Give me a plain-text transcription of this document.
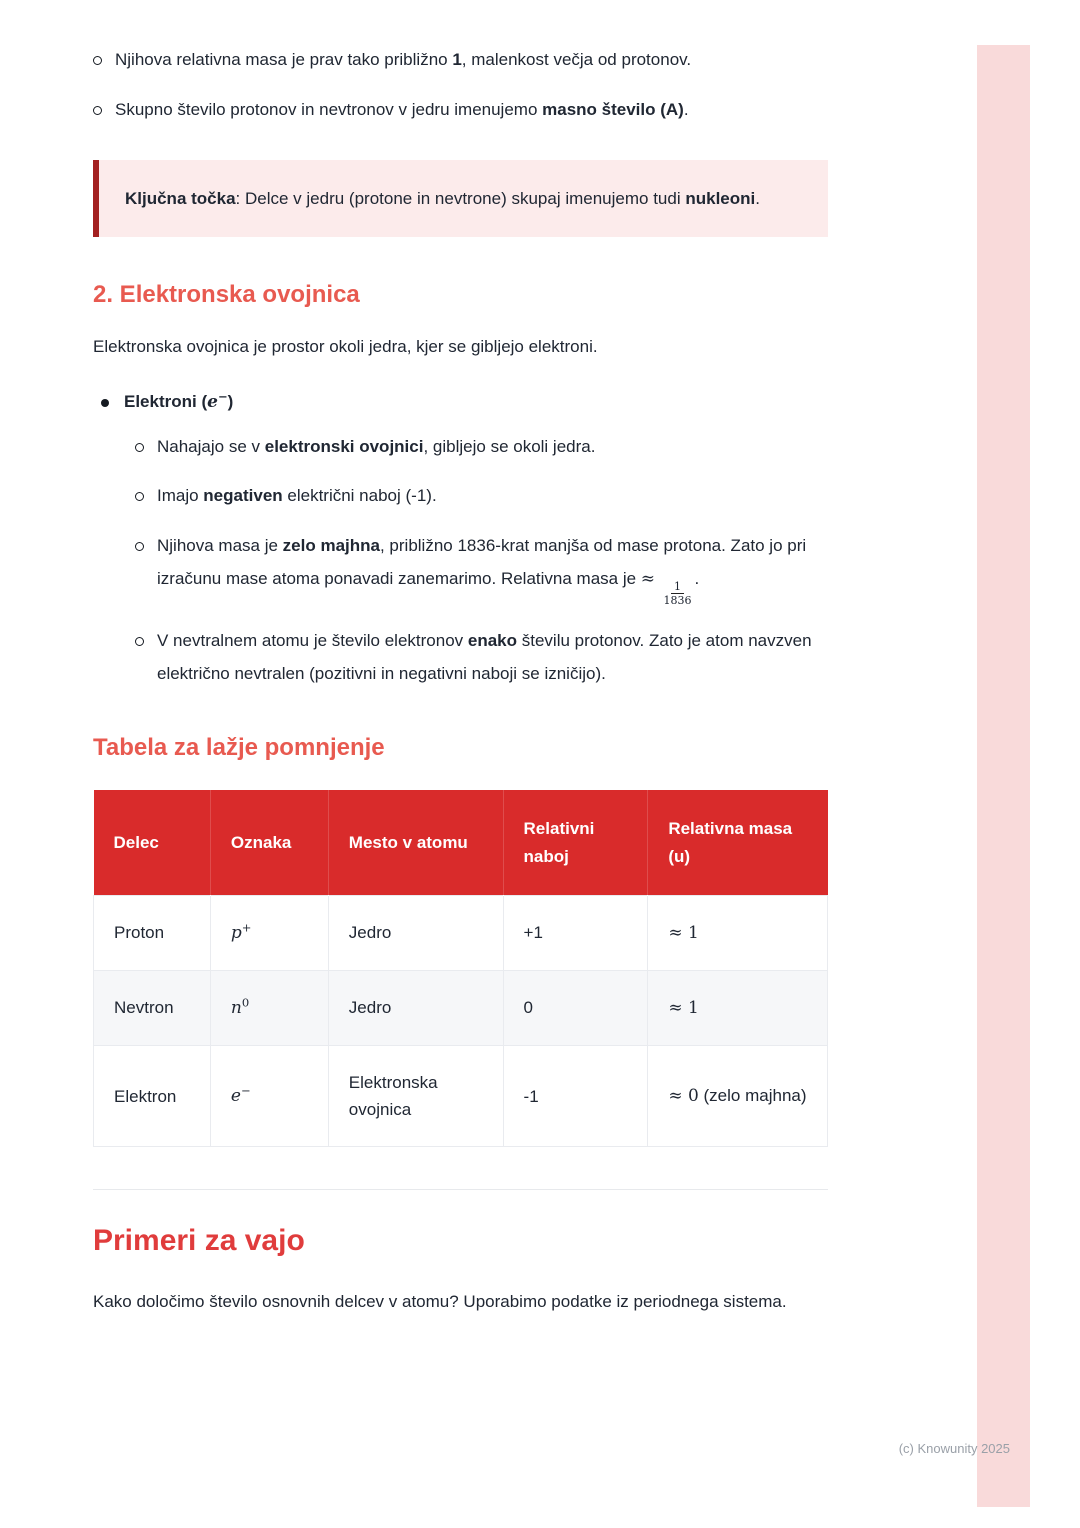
(c) Knowunity 2025
Njihova relativna masa je prav tako približno 1, malenkost večja od protonov.
Skupno število protonov in nevtronov v jedru imenujemo masno število (A).
Ključna točka: Delce v jedru (protone in nevtrone) skupaj imenujemo tudi nukleoni.
2. Elektronska ovojnica

Elektronska ovojnica je prostor okoli jedra, kjer se gibljejo elektroni.

Elektroni (e−)
Nahajajo se v elektronski ovojnici, gibljejo se okoli jedra.
Imajo negativen električni naboj (-1).
Njihova masa je zelo majhna, približno 1836-krat manjša od mase protona. Zato jo pri izračunu mase atoma ponavadi zanemarimo. Relativna masa je ≈
$\frac{1}{1836}$
.
V nevtralnem atomu je število elektronov enako številu protonov. Zato je atom navzven električno nevtralen (pozitivni in negativni naboji se izničijo).
Tabela za lažje pomnjenje
Delec	Oznaka	Mesto v atomu	Relativni naboj	Relativna masa (u)
Proton	p+	Jedro	+1	≈ 1
Nevtron	$n^0$	Jedro	0	≈ 1
Elektron	e−	Elektronska ovojnica	-1	≈ 0 (zelo majhna)
Primeri za vajo

Kako določimo število osnovnih delcev v atomu? Uporabimo podatke iz periodnega sistema.
